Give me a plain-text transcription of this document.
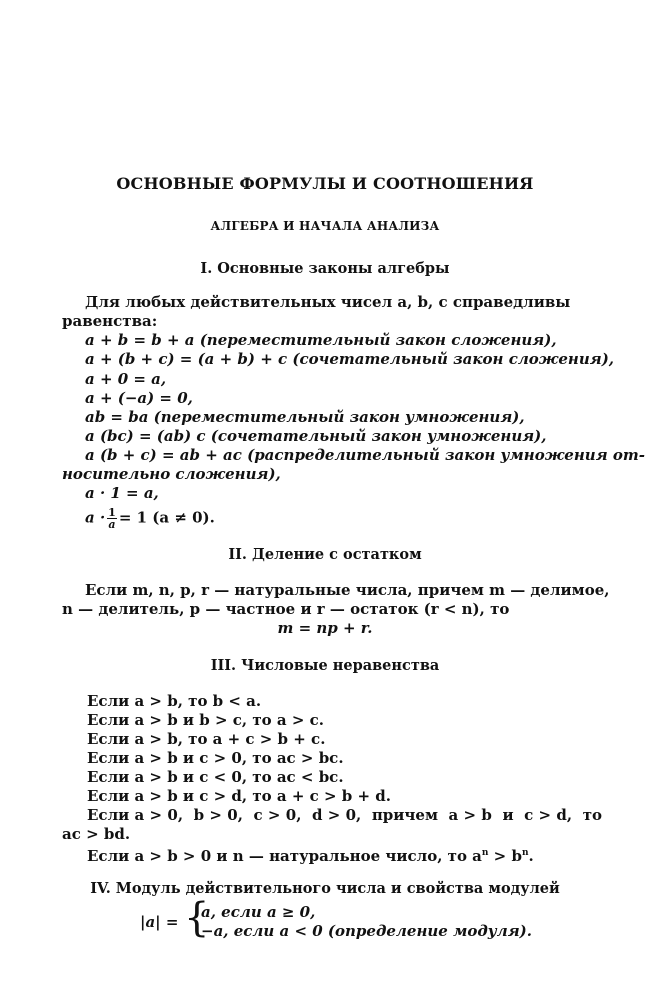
ОСНОВНЫЕ ФОРМУЛЫ И СООТНОШЕНИЯ
АЛГЕБРА И НАЧАЛА АНАЛИЗА
I. Основные законы алгебры
Для любых действительных чисел a, b, c справедливы
равенства:
a + b = b + a (переместительный закон сложения),
a + (b + c) = (a + b) + c (сочетательный закон сложения),
a + 0 = a,
a + (−a) = 0,
ab = ba (переместительный закон умножения),
a (bc) = (ab) c (сочетательный закон умножения),
a (b + c) = ab + ac (распределительный закон умножения от-
носительно сложения),
a · 1 = a,
$a \cdot \frac{1}{a} = 1$ (a ≠ 0).
II. Деление с остатком
Если m, n, p, r — натуральные числа, причем m — делимое,
n — делитель, p — частное и r — остаток (r < n), то
m = np + r.
III. Числовые неравенства
Если a > b, то b < a.
Если a > b и b > c, то a > c.
Если a > b, то a + c > b + c.
Если a > b и c > 0, то ac > bc.
Если a > b и c < 0, то ac < bc.
Если a > b и c > d, то a + c > b + d.
Если a > 0,  b > 0,  c > 0,  d > 0,  причем  a > b  и  c > d,  то
ac > bd.
Если a > b > 0 и n — натуральное число, то $a^n > b^n$.
IV. Модуль действительного числа и свойства модулей
|a| = {
a, если a ≥ 0,
−a, если a < 0 (определение модуля).
